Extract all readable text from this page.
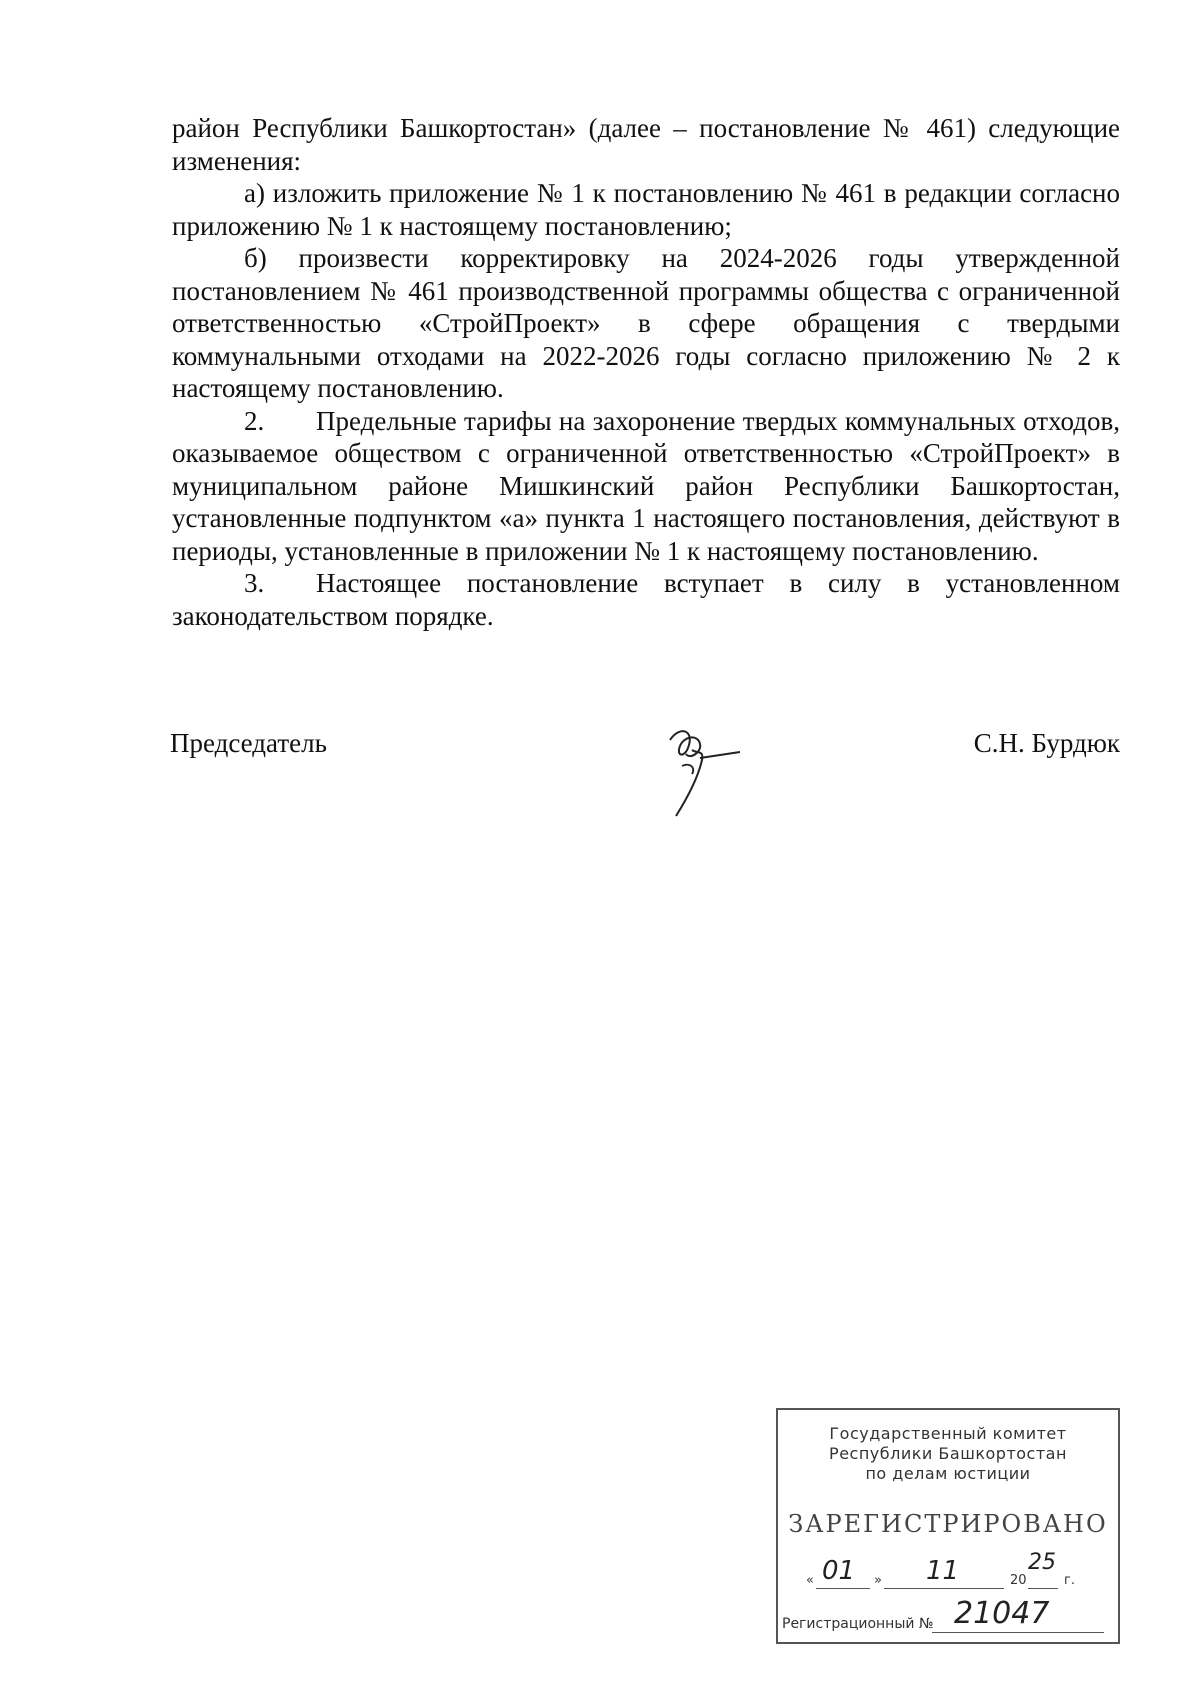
район Республики Башкортостан» (далее – постановление № 461) следующие изменения:

а) изложить приложение № 1 к постановлению № 461 в редакции согласно приложению № 1 к настоящему постановлению;

б) произвести корректировку на 2024-2026 годы утвержденной постановлением № 461 производственной программы общества с ограниченной ответственностью «СтройПроект» в сфере обращения с твердыми коммунальными отходами на 2022-2026 годы согласно приложению № 2 к настоящему постановлению.

2. Предельные тарифы на захоронение твердых коммунальных отходов, оказываемое обществом с ограниченной ответственностью «СтройПроект» в муниципальном районе Мишкинский район Республики Башкортостан, установленные подпунктом «а» пункта 1 настоящего постановления, действуют в периоды, установленные в приложении № 1 к настоящему постановлению.

3. Настоящее постановление вступает в силу в установленном законодательством порядке.

Председатель	С.Н. Бурдюк
Государственный комитет
Республики Башкортостан
по делам юстиции
ЗАРЕГИСТРИРОВАНО
« 01 » 11	20
25
г.
Регистрационный № 21047
